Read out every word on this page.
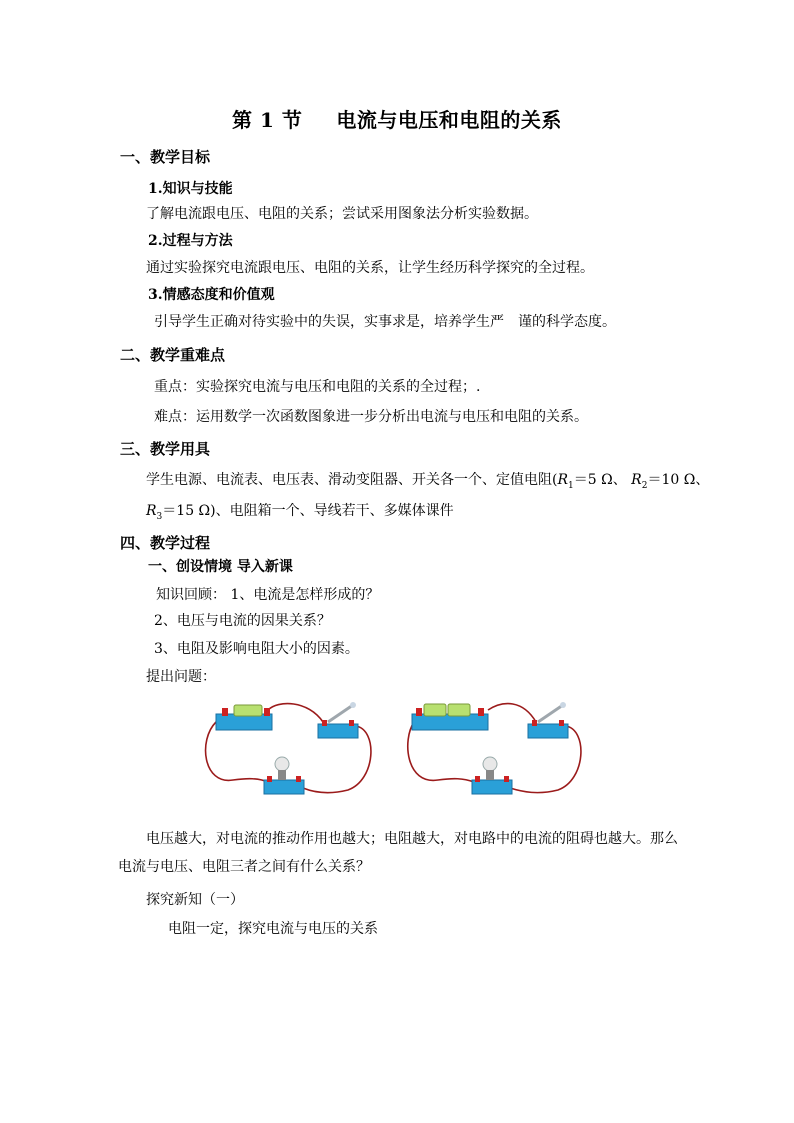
第 1 节 电流与电压和电阻的关系
一、教学目标
1.知识与技能
了解电流跟电压、电阻的关系；尝试采用图象法分析实验数据。
2.过程与方法
通过实验探究电流跟电压、电阻的关系，让学生经历科学探究的全过程。
3.情感态度和价值观
引导学生正确对待实验中的失误，实事求是，培养学生严　谨的科学态度。
二、教学重难点
重点：实验探究电流与电压和电阻的关系的全过程；.
难点：运用数学一次函数图象进一步分析出电流与电压和电阻的关系。
三、教学用具
学生电源、电流表、电压表、滑动变阻器、开关各一个、定值电阻($R_1=5$ Ω、 $R_2=10$ Ω、
$R_3=15$ Ω)、电阻箱一个、导线若干、多媒体课件
四、教学过程
一、创设情境 导入新课
知识回顾： 1、电流是怎样形成的？
2、电压与电流的因果关系？
3、电阻及影响电阻大小的因素。
提出问题：
电压越大，对电流的推动作用也越大；电阻越大，对电路中的电流的阻碍也越大。那么
电流与电压、电阻三者之间有什么关系？
探究新知（一）
电阻一定，探究电流与电压的关系
